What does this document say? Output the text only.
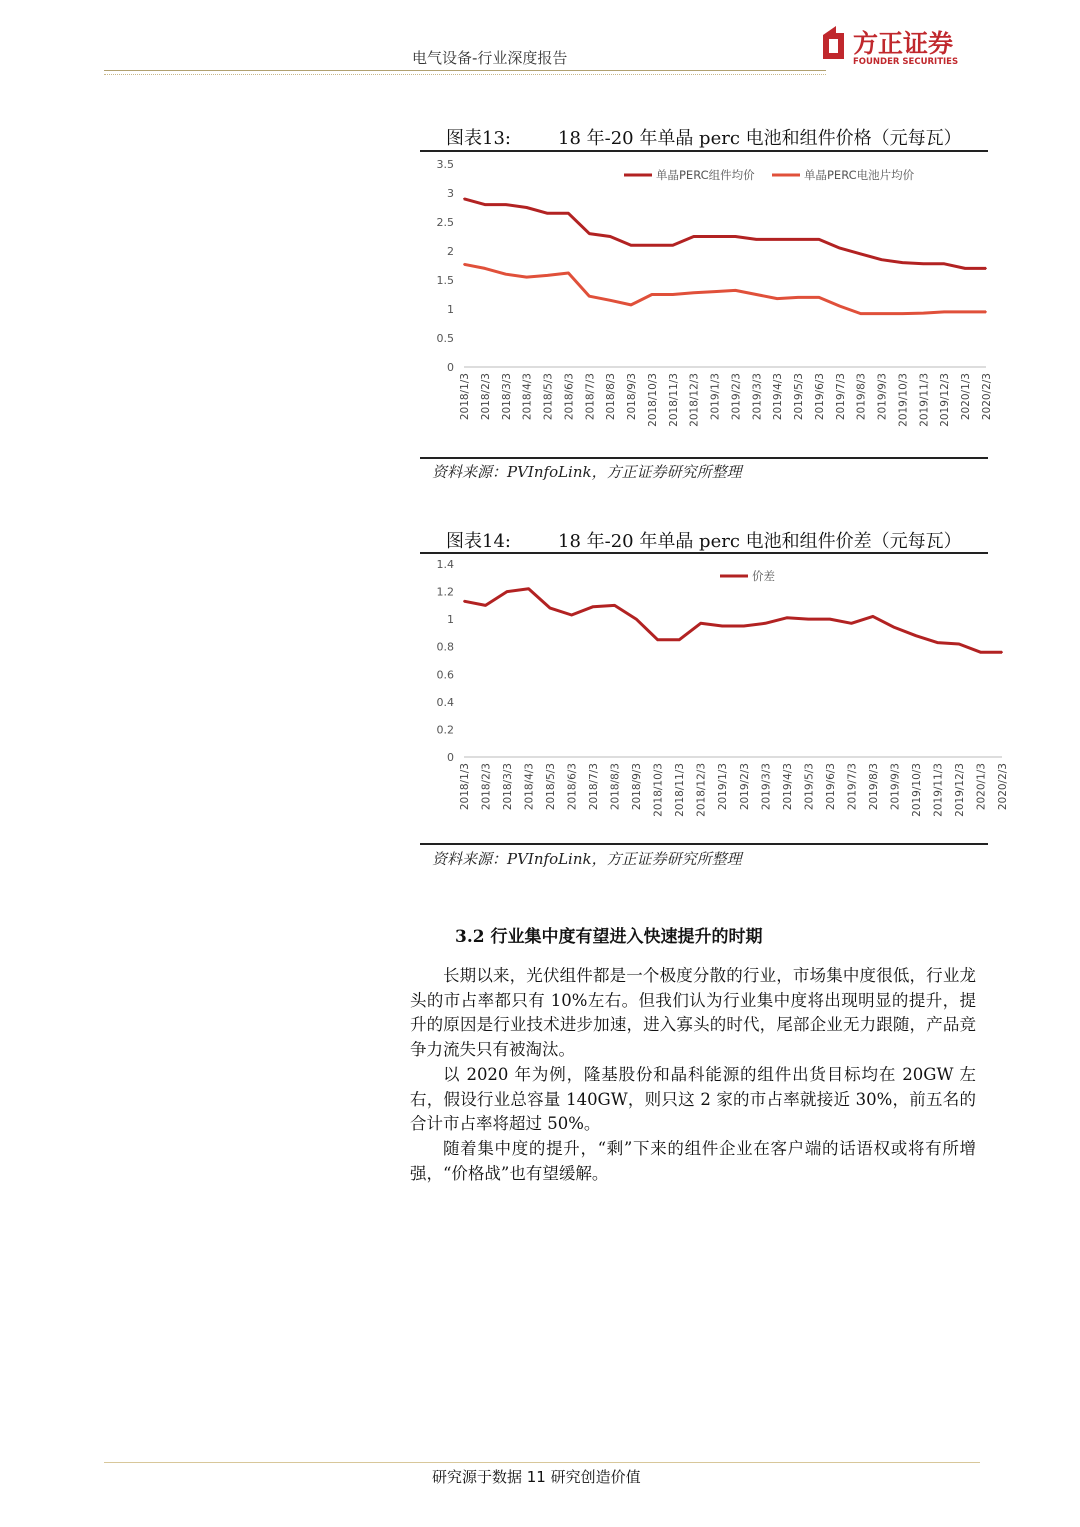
电气设备-行业深度报告	方正证券
FOUNDER SECURITIES
图表13:	18 年-20 年单晶 perc 电池和组件价格（元每瓦）
0
0.5
1
1.5
2
2.5
3
3.5
2018/1/3 2018/2/3 2018/3/3 2018/4/3 2018/5/3 2018/6/3 2018/7/3 2018/8/3 2018/9/3 2018/10/3 2018/11/3 2018/12/3 2019/1/3 2019/2/3 2019/3/3 2019/4/3 2019/5/3 2019/6/3 2019/7/3 2019/8/3 2019/9/3 2019/10/3 2019/11/3 2019/12/3 2020/1/3 2020/2/3
单晶PERC组件均价	单晶PERC电池片均价
资料来源：PVInfoLink，方正证券研究所整理
图表14:	18 年-20 年单晶 perc 电池和组件价差（元每瓦）
0
0.2
0.4
0.6
0.8
1
1.2
1.4
2018/1/3 2018/2/3 2018/3/3 2018/4/3 2018/5/3 2018/6/3 2018/7/3 2018/8/3 2018/9/3 2018/10/3 2018/11/3 2018/12/3 2019/1/3 2019/2/3 2019/3/3 2019/4/3 2019/5/3 2019/6/3 2019/7/3 2019/8/3 2019/9/3 2019/10/3 2019/11/3 2019/12/3 2020/1/3 2020/2/3
价差
资料来源：PVInfoLink，方正证券研究所整理
3.2 行业集中度有望进入快速提升的时期
长期以来，光伏组件都是一个极度分散的行业，市场集中度很低，行业龙头的市占率都只有 10%左右。但我们认为行业集中度将出现明显的提升，提升的原因是行业技术进步加速，进入寡头的时代，尾部企业无力跟随，产品竞争力流失只有被淘汰。
以 2020 年为例，隆基股份和晶科能源的组件出货目标均在 20GW 左右，假设行业总容量 140GW，则只这 2 家的市占率就接近 30%，前五名的合计市占率将超过 50%。
随着集中度的提升，“剩”下来的组件企业在客户端的话语权或将有所增强，“价格战”也有望缓解。
研究源于数据 11 研究创造价值
